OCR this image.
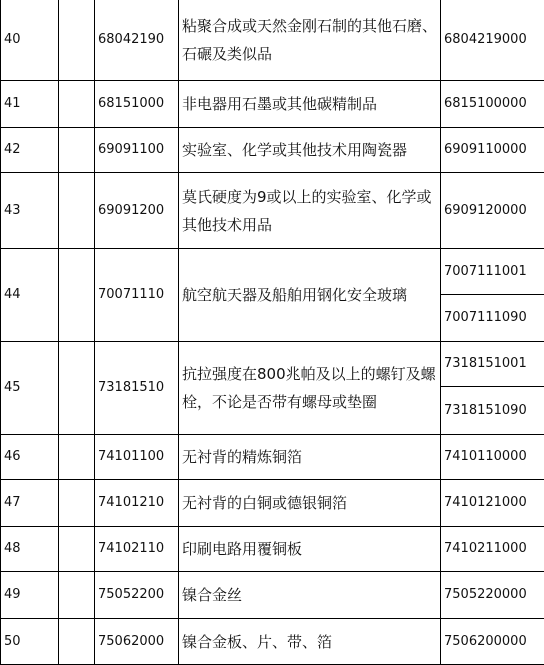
40		68042190	粘聚合成或天然金刚石制的其他石磨、石碾及类似品	6804219000
41		68151000	非电器用石墨或其他碳精制品	6815100000
42		69091100	实验室、化学或其他技术用陶瓷器	6909110000
43		69091200	莫氏硬度为9或以上的实验室、化学或其他技术用品	6909120000
44		70071110	航空航天器及船舶用钢化安全玻璃	7007111001
7007111090

45		73181510	抗拉强度在800兆帕及以上的螺钉及螺栓，不论是否带有螺母或垫圈	7318151001
7318151090

46		74101100	无衬背的精炼铜箔	7410110000
47		74101210	无衬背的白铜或德银铜箔	7410121000
48		74102110	印刷电路用覆铜板	7410211000
49		75052200	镍合金丝	7505220000
50		75062000	镍合金板、片、带、箔	7506200000
